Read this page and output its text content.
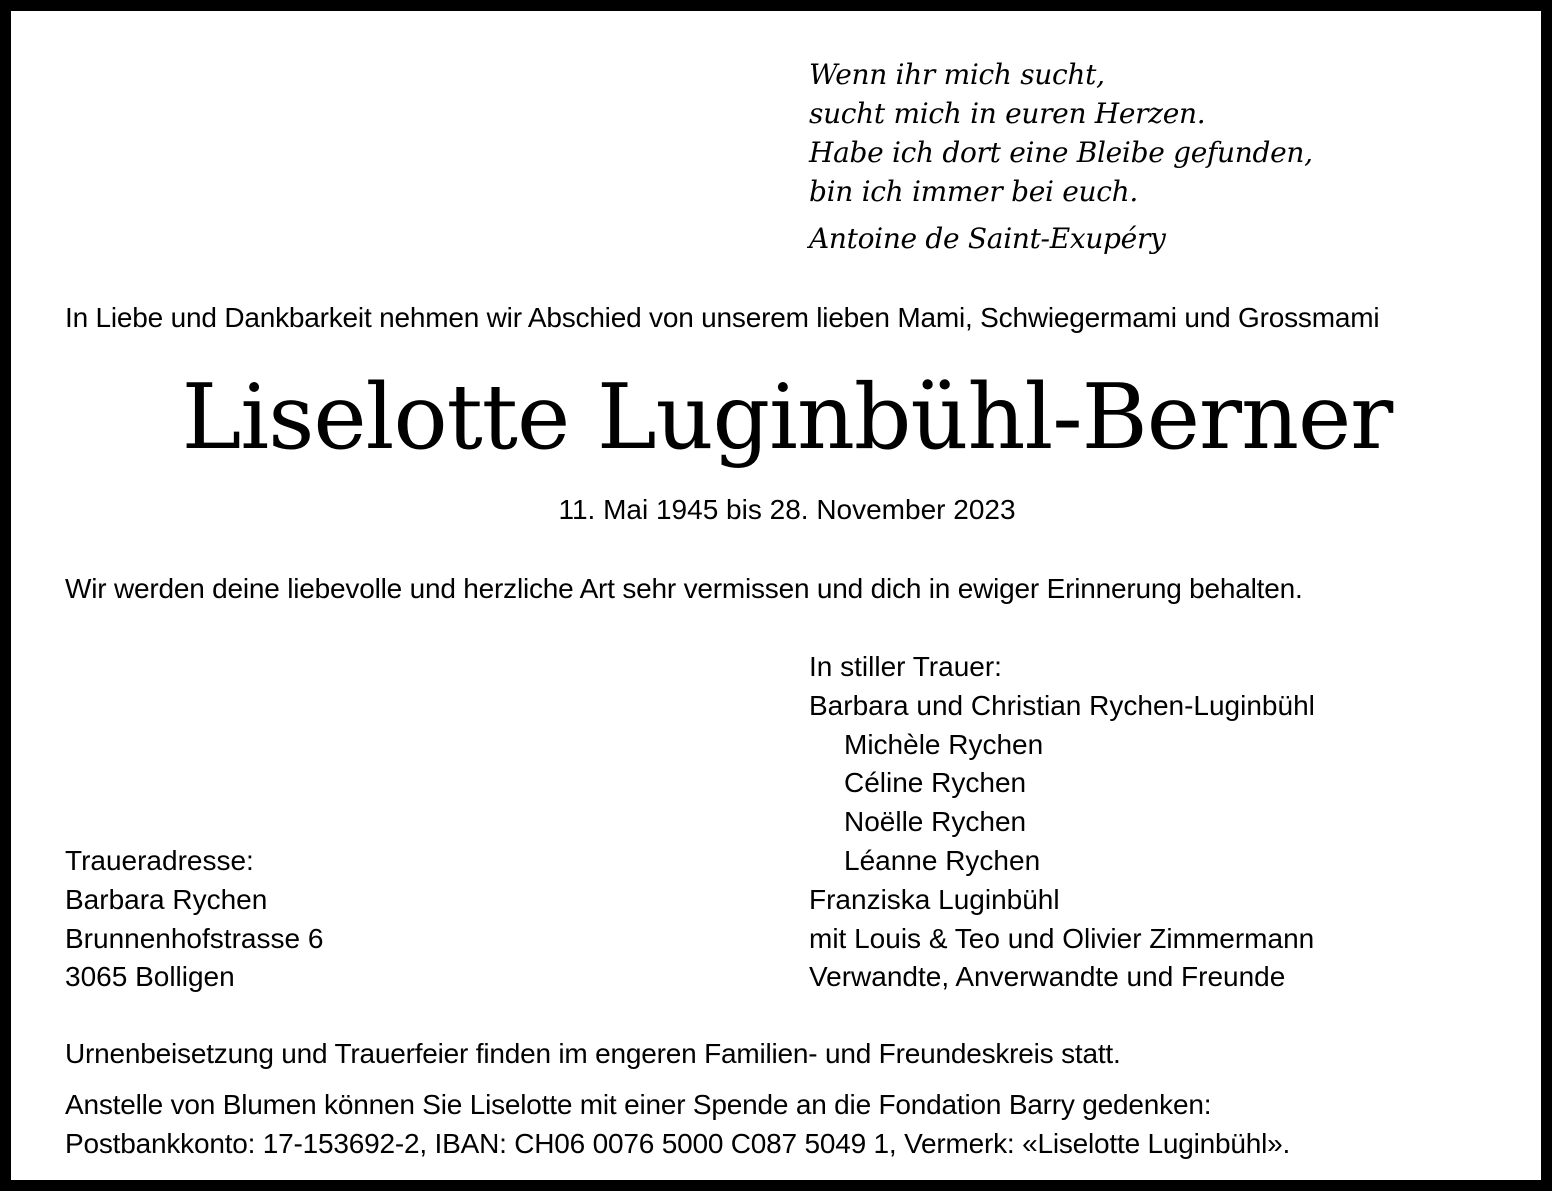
Wenn ihr mich sucht,
sucht mich in euren Herzen.
Habe ich dort eine Bleibe gefunden,
bin ich immer bei euch.
Antoine de Saint-Exupéry
In Liebe und Dankbarkeit nehmen wir Abschied von unserem lieben Mami, Schwiegermami und Grossmami
Liselotte Luginbühl-Berner
11. Mai 1945 bis 28. November 2023
Wir werden deine liebevolle und herzliche Art sehr vermissen und dich in ewiger Erinnerung behalten.
In stiller Trauer:
Barbara und Christian Rychen-Luginbühl
Michèle Rychen
Céline Rychen
Noëlle Rychen
Léanne Rychen
Franziska Luginbühl
mit Louis & Teo und Olivier Zimmermann
Verwandte, Anverwandte und Freunde
Traueradresse:
Barbara Rychen
Brunnenhofstrasse 6
3065 Bolligen
Urnenbeisetzung und Trauerfeier finden im engeren Familien- und Freundeskreis statt.
Anstelle von Blumen können Sie Liselotte mit einer Spende an die Fondation Barry gedenken:
Postbankkonto: 17-153692-2, IBAN: CH06 0076 5000 C087 5049 1, Vermerk: «Liselotte Luginbühl».
